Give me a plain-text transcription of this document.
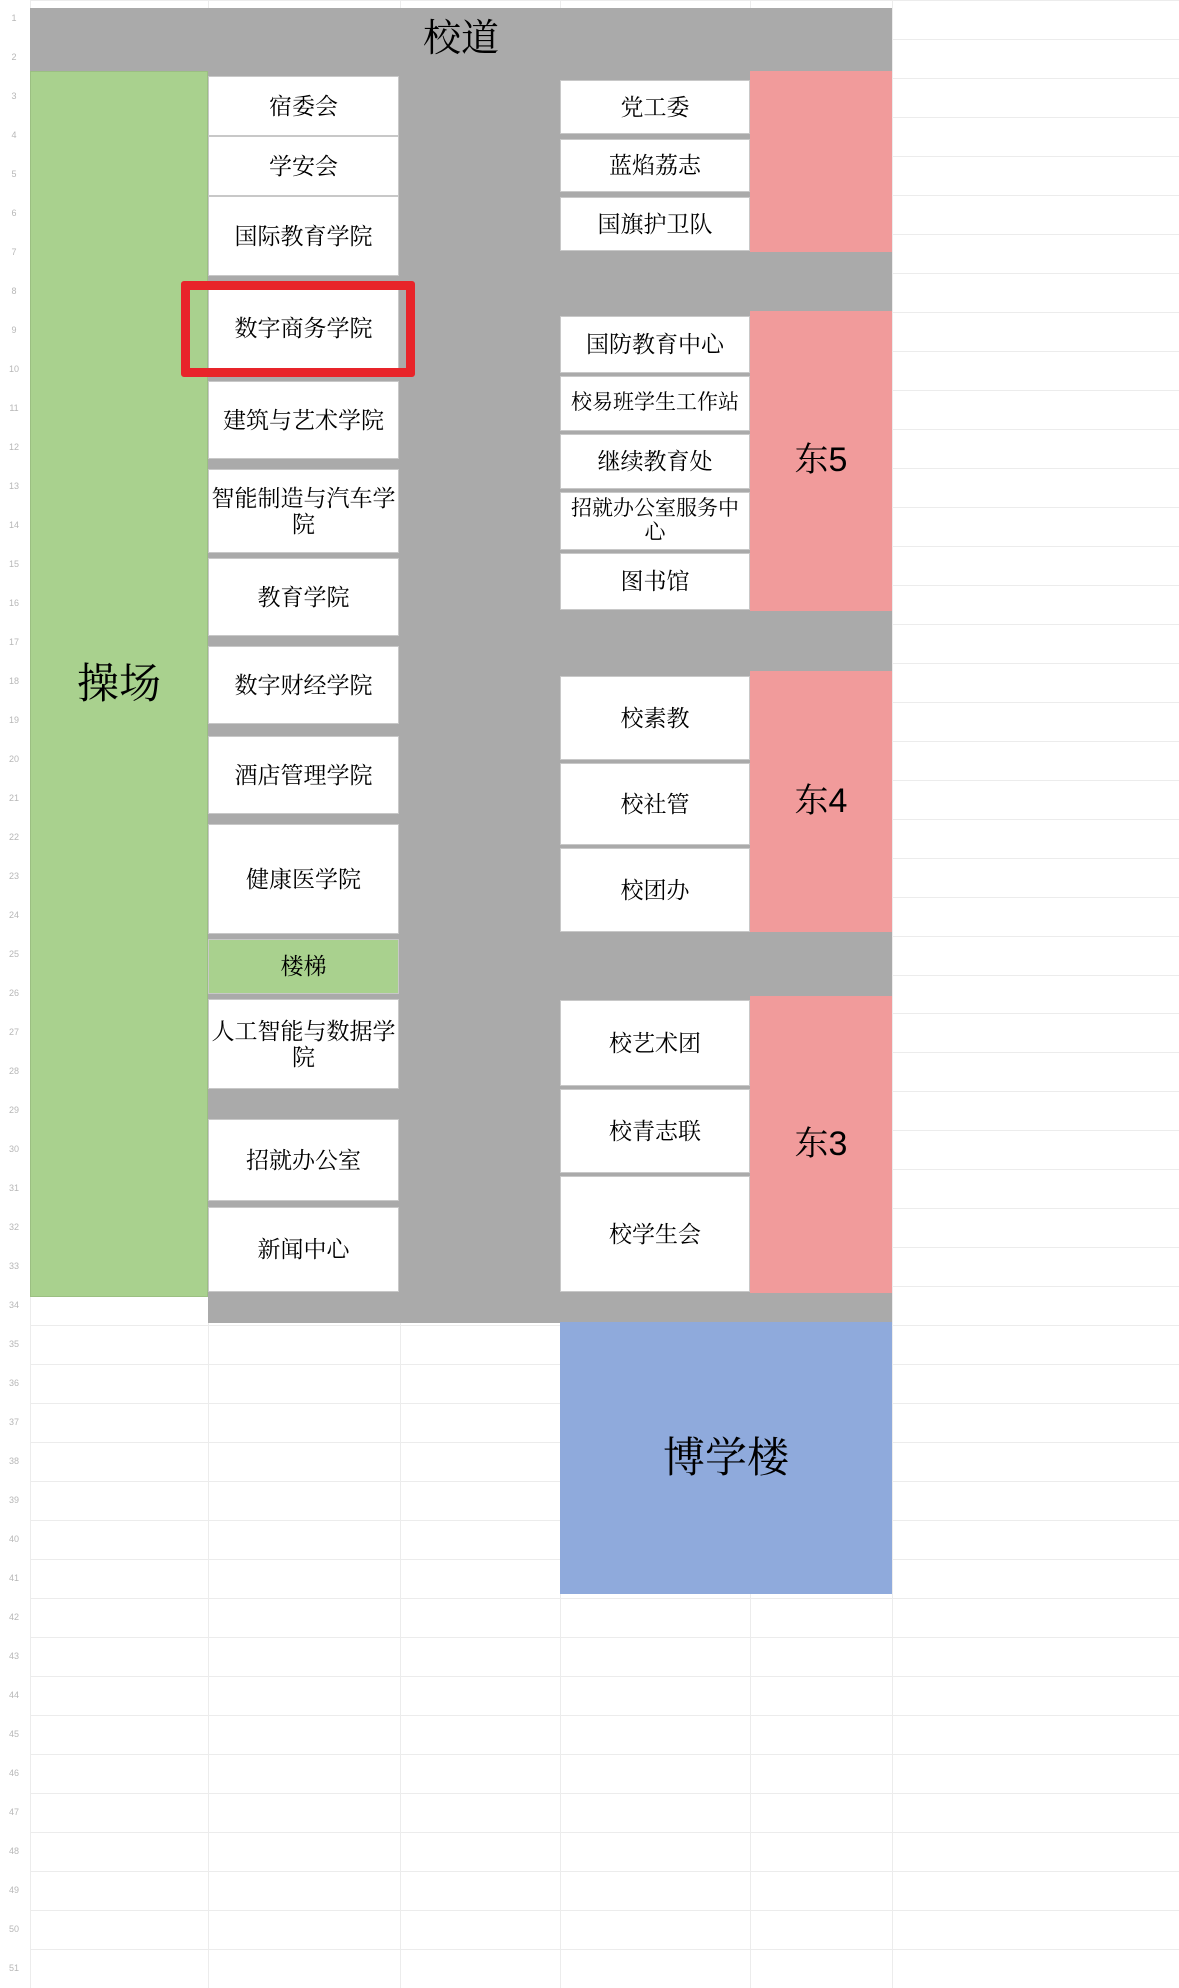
1
2
3
4
5
6
7
8
9
10
11
12
13
14
15
16
17
18
19
20
21
22
23
24
25
26
27
28
29
30
31
32
33
34
35
36
37
38
39
40
41
42
43
44
45
46
47
48
49
50
51
校道
操场
宿委会
学安会
国际教育学院
数字商务学院
建筑与艺术学院
智能制造与汽车学院
教育学院
数字财经学院
酒店管理学院
健康医学院
楼梯
人工智能与数据学院
招就办公室
新闻中心
党工委
蓝焰荔志
国旗护卫队
东5
国防教育中心
校易班学生工作站
继续教育处
招就办公室服务中心
图书馆
东4
校素教
校社管
校团办
东3
校艺术团
校青志联
校学生会
博学楼
